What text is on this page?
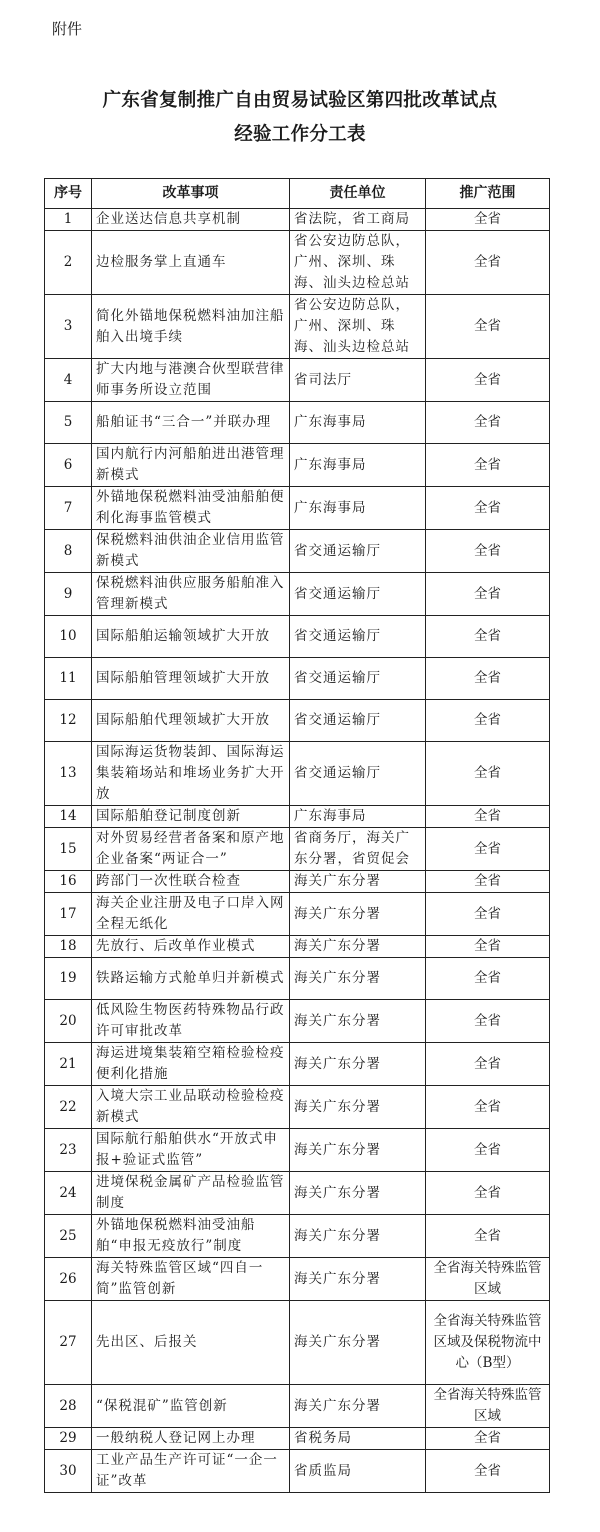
附件
广东省复制推广自由贸易试验区第四批改革试点
经验工作分工表
序号	改革事项	责任单位	推广范围
1	企业送达信息共享机制	省法院，省工商局	全省
2	边检服务掌上直通车	省公安边防总队，广州、深圳、珠海、汕头边检总站	全省
3	简化外锚地保税燃料油加注船舶入出境手续	省公安边防总队，广州、深圳、珠海、汕头边检总站	全省
4	扩大内地与港澳合伙型联营律师事务所设立范围	省司法厅	全省
5	船舶证书“三合一”并联办理	广东海事局	全省
6	国内航行内河船舶进出港管理新模式	广东海事局	全省
7	外锚地保税燃料油受油船舶便利化海事监管模式	广东海事局	全省
8	保税燃料油供油企业信用监管新模式	省交通运输厅	全省
9	保税燃料油供应服务船舶准入管理新模式	省交通运输厅	全省
10	国际船舶运输领域扩大开放	省交通运输厅	全省
11	国际船舶管理领域扩大开放	省交通运输厅	全省
12	国际船舶代理领域扩大开放	省交通运输厅	全省
13	国际海运货物装卸、国际海运集装箱场站和堆场业务扩大开放	省交通运输厅	全省
14	国际船舶登记制度创新	广东海事局	全省
15	对外贸易经营者备案和原产地企业备案“两证合一”	省商务厅，海关广东分署，省贸促会	全省
16	跨部门一次性联合检查	海关广东分署	全省
17	海关企业注册及电子口岸入网全程无纸化	海关广东分署	全省
18	先放行、后改单作业模式	海关广东分署	全省
19	铁路运输方式舱单归并新模式	海关广东分署	全省
20	低风险生物医药特殊物品行政许可审批改革	海关广东分署	全省
21	海运进境集装箱空箱检验检疫便利化措施	海关广东分署	全省
22	入境大宗工业品联动检验检疫新模式	海关广东分署	全省
23	国际航行船舶供水“开放式申报+验证式监管”	海关广东分署	全省
24	进境保税金属矿产品检验监管制度	海关广东分署	全省
25	外锚地保税燃料油受油船舶“申报无疫放行”制度	海关广东分署	全省
26	海关特殊监管区域“四自一简”监管创新	海关广东分署	全省海关特殊监管区域
27	先出区、后报关	海关广东分署	全省海关特殊监管区域及保税物流中心（B型）
28	“保税混矿”监管创新	海关广东分署	全省海关特殊监管区域
29	一般纳税人登记网上办理	省税务局	全省
30	工业产品生产许可证“一企一证”改革	省质监局	全省
